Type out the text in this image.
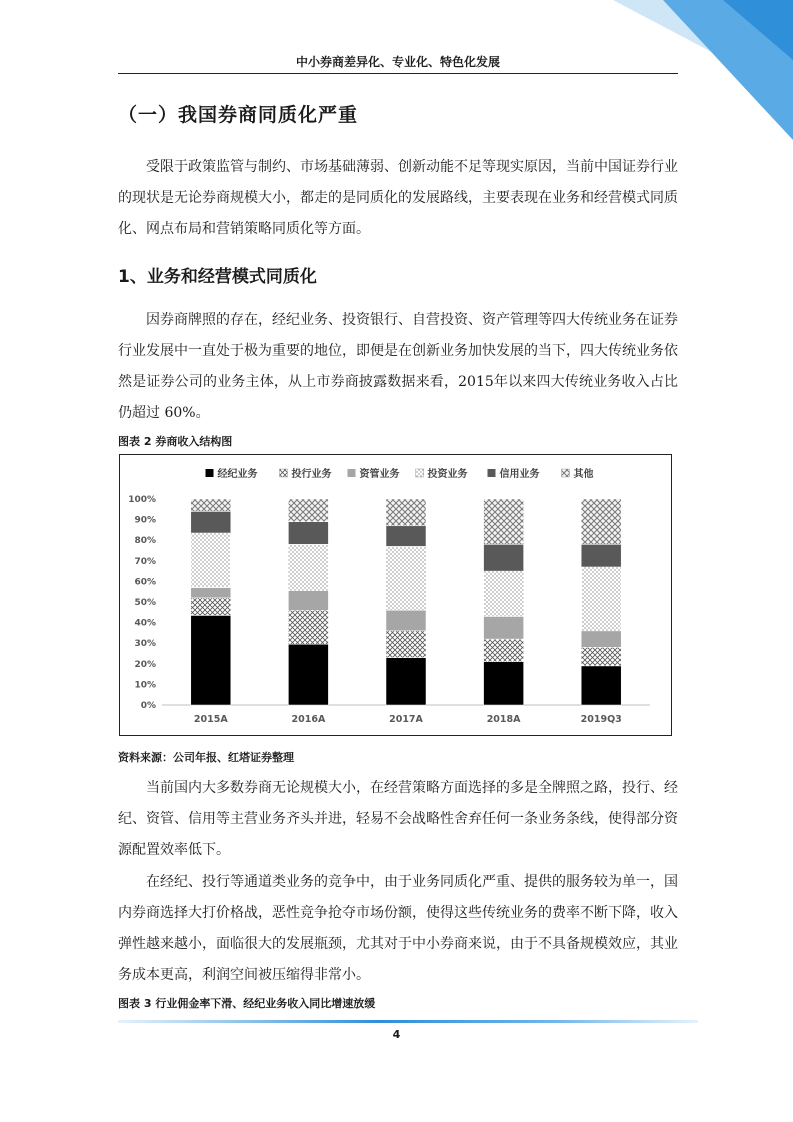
中小券商差异化、专业化、特色化发展
（一）我国券商同质化严重

受限于政策监管与制约、市场基础薄弱、创新动能不足等现实原因，当前中国证券行业的现状是无论券商规模大小，都走的是同质化的发展路线，主要表现在业务和经营模式同质化、网点布局和营销策略同质化等方面。

1、业务和经营模式同质化

因券商牌照的存在，经纪业务、投资银行、自营投资、资产管理等四大传统业务在证券行业发展中一直处于极为重要的地位，即便是在创新业务加快发展的当下，四大传统业务依然是证券公司的业务主体，从上市券商披露数据来看，2015年以来四大传统业务收入占比仍超过 60%。

图表 2 券商收入结构图

经纪业务	投行业务	资管业务	投资业务	信用业务	其他
0%
10%
20%
30%
40%
50%
60%
70%
80%
90%
100%
2015A	2016A	2017A	2018A	2019Q3

资料来源：公司年报、红塔证券整理

当前国内大多数券商无论规模大小，在经营策略方面选择的多是全牌照之路，投行、经纪、资管、信用等主营业务齐头并进，轻易不会战略性舍弃任何一条业务条线，使得部分资源配置效率低下。

在经纪、投行等通道类业务的竞争中，由于业务同质化严重、提供的服务较为单一，国内券商选择大打价格战，恶性竞争抢夺市场份额，使得这些传统业务的费率不断下降，收入弹性越来越小，面临很大的发展瓶颈，尤其对于中小券商来说，由于不具备规模效应，其业务成本更高，利润空间被压缩得非常小。

图表 3 行业佣金率下滑、经纪业务收入同比增速放缓

4
